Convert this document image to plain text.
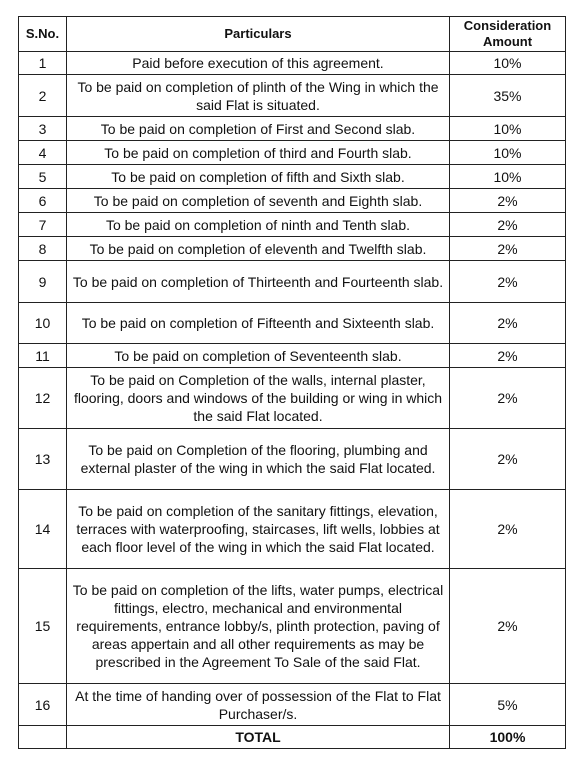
S.No.	Particulars	Consideration Amount
1	Paid before execution of this agreement.	10%
2	To be paid on completion of plinth of the Wing in which the said Flat is situated.	35%
3	To be paid on completion of First and Second slab.	10%
4	To be paid on completion of third and Fourth slab.	10%
5	To be paid on completion of fifth and Sixth slab.	10%
6	To be paid on completion of seventh and Eighth slab.	2%
7	To be paid on completion of ninth and Tenth slab.	2%
8	To be paid on completion of eleventh and Twelfth slab.	2%
9	To be paid on completion of Thirteenth and Fourteenth slab.	2%
10	To be paid on completion of Fifteenth and Sixteenth slab.	2%
11	To be paid on completion of Seventeenth slab.	2%
12	To be paid on Completion of the walls, internal plaster, flooring, doors and windows of the building or wing in which the said Flat located.	2%
13	To be paid on Completion of the flooring, plumbing and external plaster of the wing in which the said Flat located.	2%
14	To be paid on completion of the sanitary fittings, elevation, terraces with waterproofing, staircases, lift wells, lobbies at each floor level of the wing in which the said Flat located.	2%
15	To be paid on completion of the lifts, water pumps, electrical fittings, electro, mechanical and environmental requirements, entrance lobby/s, plinth protection, paving of areas appertain and all other requirements as may be prescribed in the Agreement To Sale of the said Flat.	2%
16	At the time of handing over of possession of the Flat to Flat Purchaser/s.	5%
	TOTAL	100%
